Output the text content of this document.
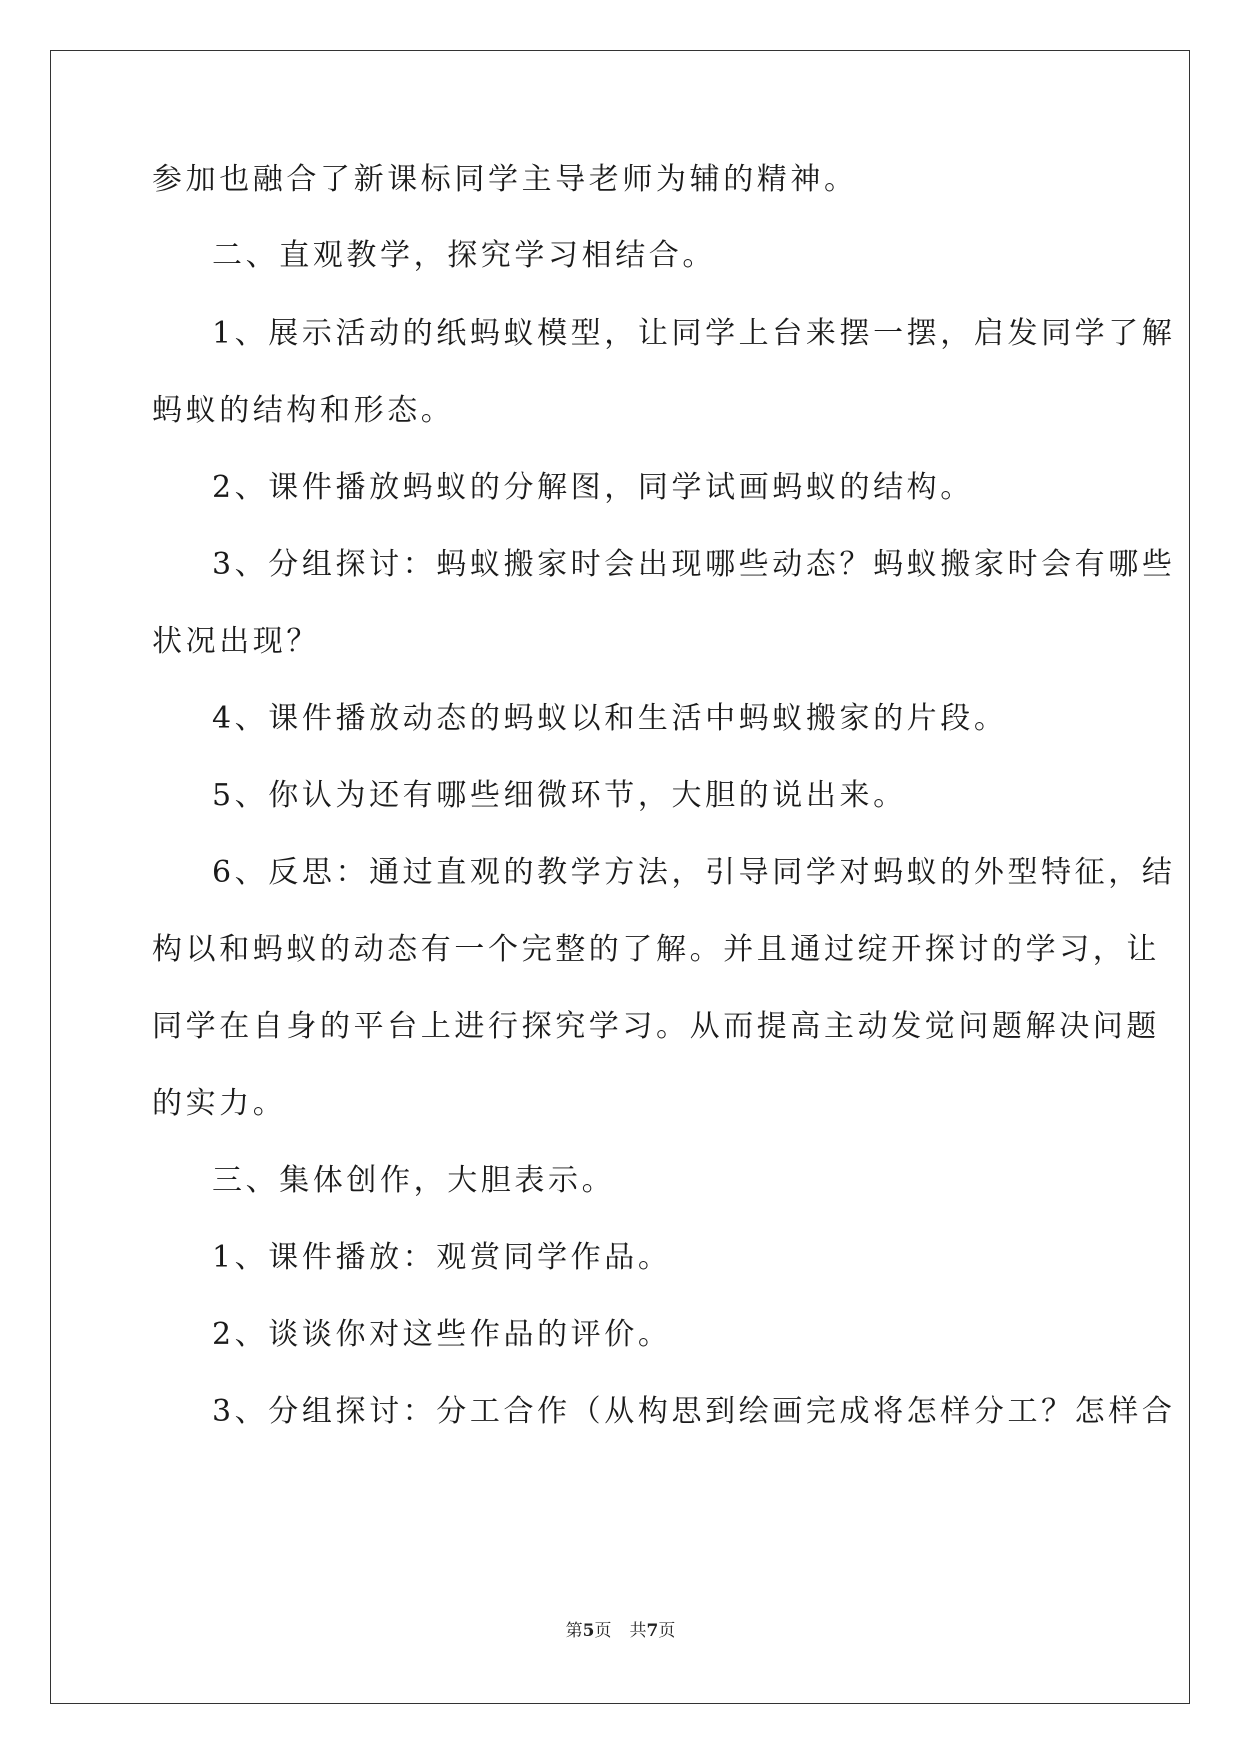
参加也融合了新课标同学主导老师为辅的精神。
二、直观教学，探究学习相结合。
1、展示活动的纸蚂蚁模型，让同学上台来摆一摆，启发同学了解
蚂蚁的结构和形态。
2、课件播放蚂蚁的分解图，同学试画蚂蚁的结构。
3、分组探讨：蚂蚁搬家时会出现哪些动态？蚂蚁搬家时会有哪些
状况出现？
4、课件播放动态的蚂蚁以和生活中蚂蚁搬家的片段。
5、你认为还有哪些细微环节，大胆的说出来。
6、反思：通过直观的教学方法，引导同学对蚂蚁的外型特征，结
构以和蚂蚁的动态有一个完整的了解。并且通过绽开探讨的学习，让
同学在自身的平台上进行探究学习。从而提高主动发觉问题解决问题
的实力。
三、集体创作，大胆表示。
1、课件播放：观赏同学作品。
2、谈谈你对这些作品的评价。
3、分组探讨：分工合作（从构思到绘画完成将怎样分工？怎样合
第5页 共7页
